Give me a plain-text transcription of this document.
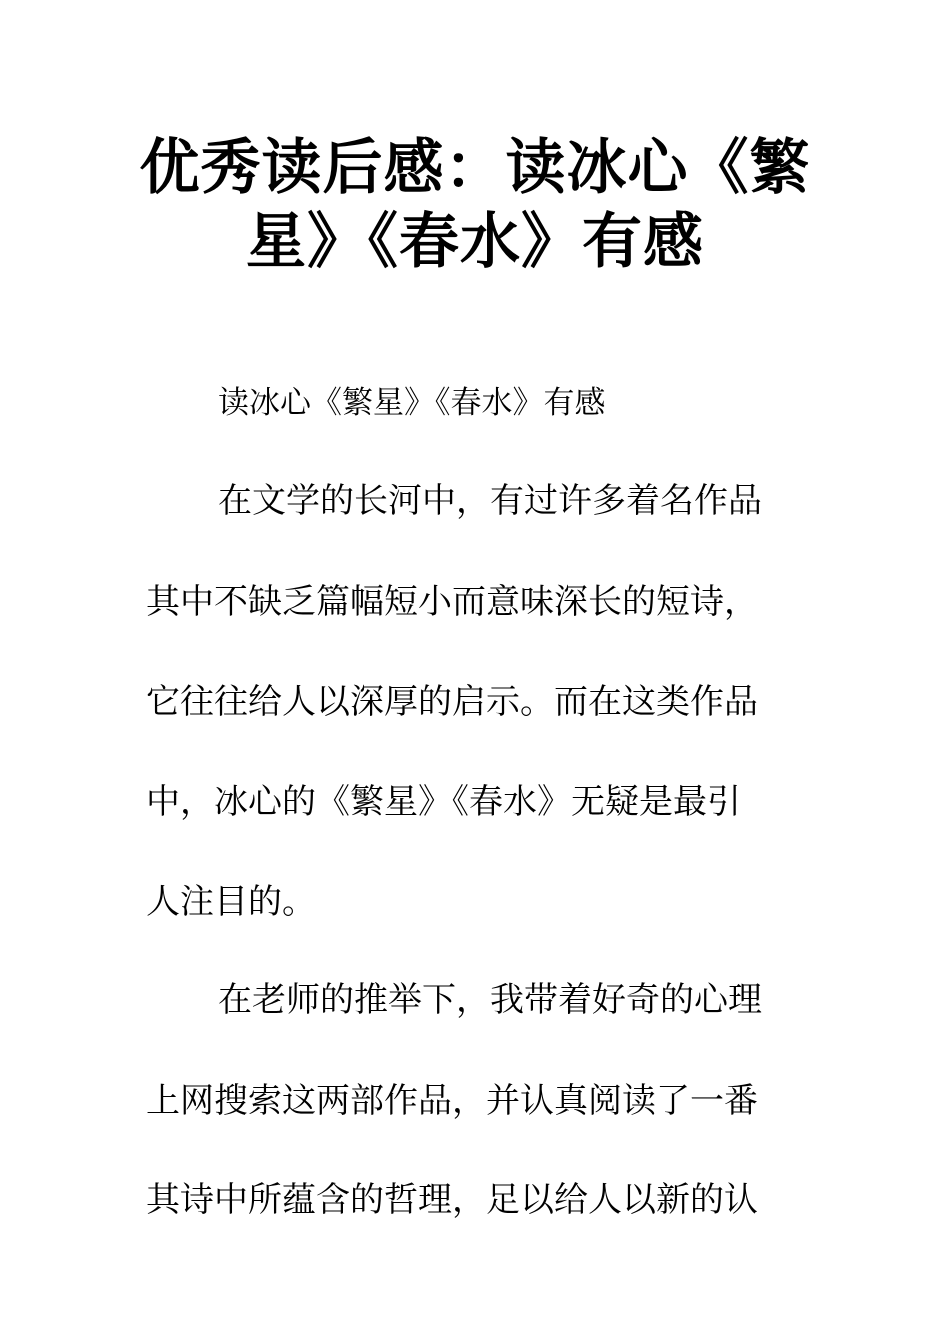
优秀读后感：读冰心《繁
星》《春水》有感

读冰心《繁星》《春水》有感

在文学的长河中，有过许多着名作品

其中不缺乏篇幅短小而意味深长的短诗，

它往往给人以深厚的启示。而在这类作品

中，冰心的《繁星》《春水》无疑是最引

人注目的。

在老师的推举下，我带着好奇的心理

上网搜索这两部作品，并认真阅读了一番

其诗中所蕴含的哲理，足以给人以新的认
